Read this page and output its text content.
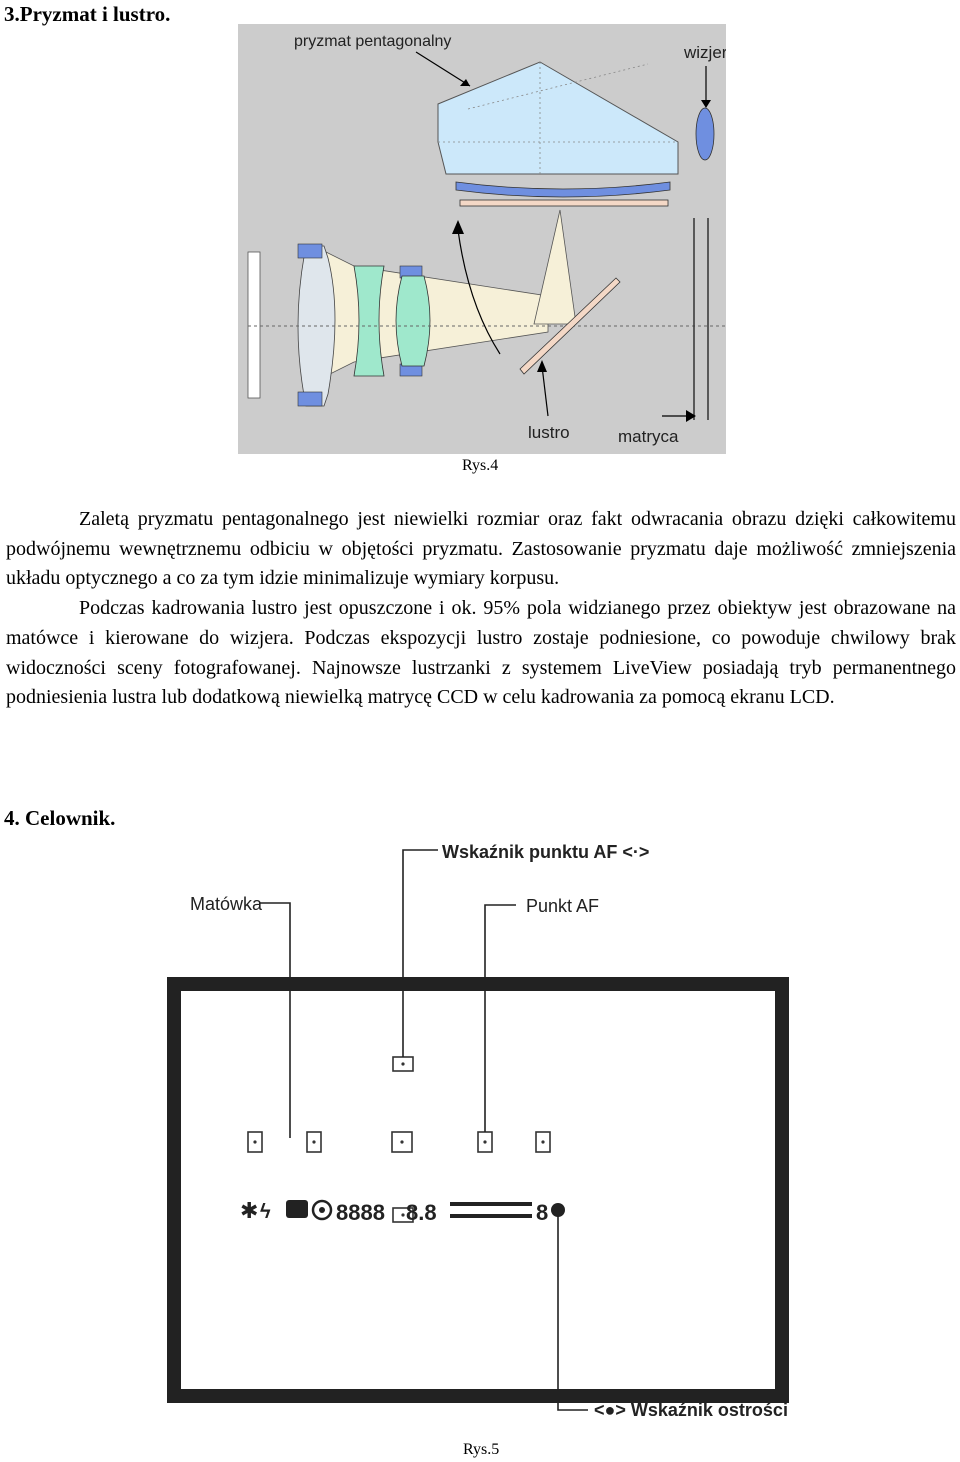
3.Pryzmat i lustro.
pryzmat pentagonalny
wizjer
lustro	matryca
Rys.4

Zaletą pryzmatu pentagonalnego jest niewielki rozmiar oraz fakt odwracania obrazu dzięki całkowitemu podwójnemu wewnętrznemu odbiciu w objętości pryzmatu. Zastosowanie pryzmatu daje możliwość zmniejszenia układu optycznego a co za tym idzie minimalizuje wymiary korpusu.

Podczas kadrowania lustro jest opuszczone i ok. 95% pola widzianego przez obiektyw jest obrazowane na matówce i kierowane do wizjera. Podczas ekspozycji lustro zostaje podniesione, co powoduje chwilowy brak widoczności sceny fotografowanej. Najnowsze lustrzanki z systemem LiveView posiadają tryb permanentnego podniesienia lustra lub dodatkową niewielką matrycę CCD w celu kadrowania za pomocą ekranu LCD.

4. Celownik.
✱ ϟ	8888 8.8	8
Wskaźnik punktu AF <·>
Matówka	Punkt AF
<●> Wskaźnik ostrości
Rys.5
